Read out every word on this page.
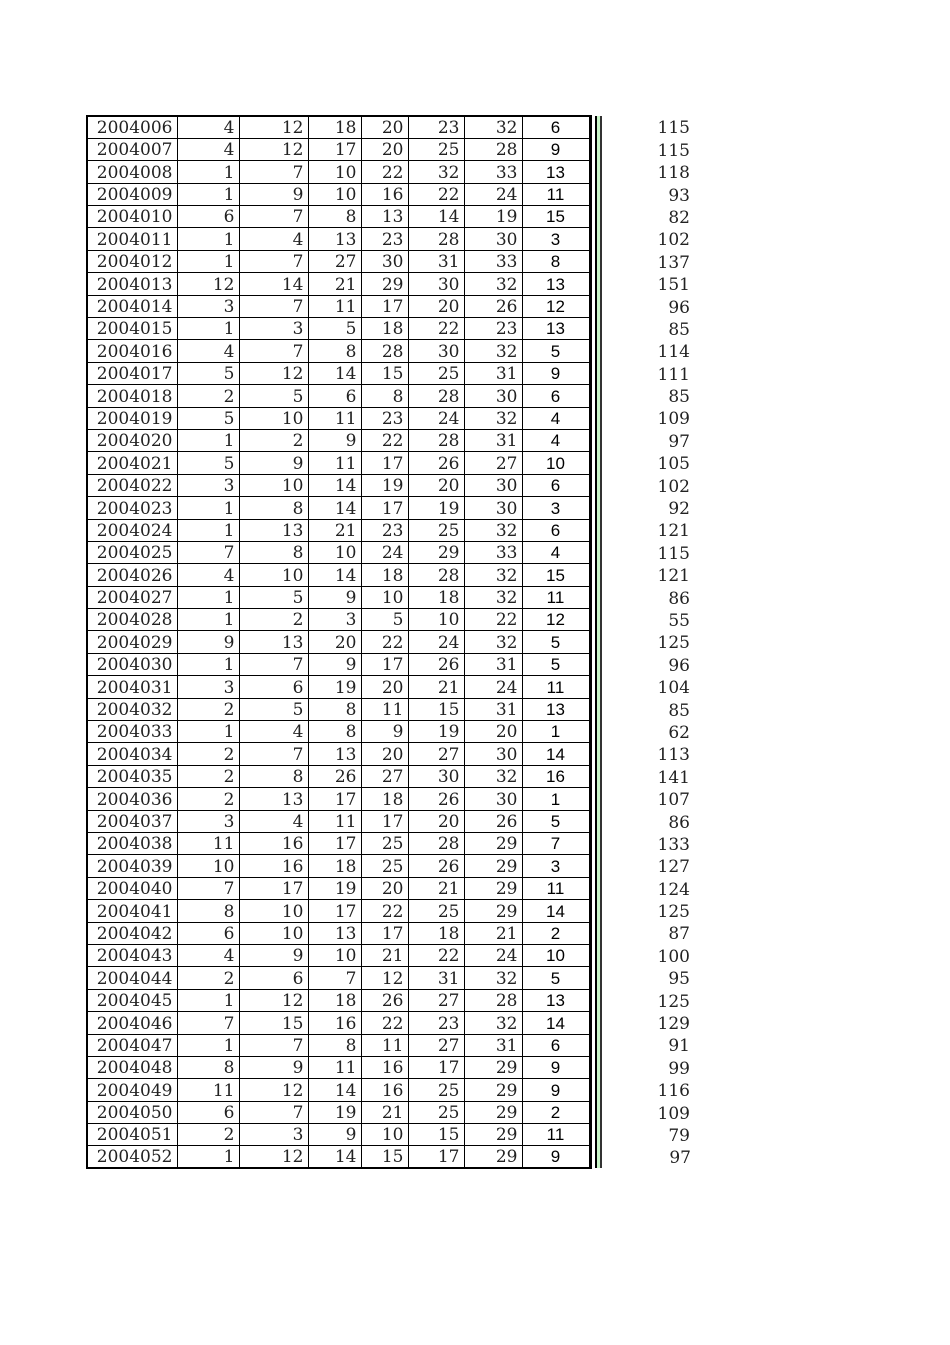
2004006	4	12	18	20	23	32	6			115
2004007	4	12	17	20	25	28	9			115
2004008	1	7	10	22	32	33	13			118
2004009	1	9	10	16	22	24	11			93
2004010	6	7	8	13	14	19	15			82
2004011	1	4	13	23	28	30	3			102
2004012	1	7	27	30	31	33	8			137
2004013	12	14	21	29	30	32	13			151
2004014	3	7	11	17	20	26	12			96
2004015	1	3	5	18	22	23	13			85
2004016	4	7	8	28	30	32	5			114
2004017	5	12	14	15	25	31	9			111
2004018	2	5	6	8	28	30	6			85
2004019	5	10	11	23	24	32	4			109
2004020	1	2	9	22	28	31	4			97
2004021	5	9	11	17	26	27	10			105
2004022	3	10	14	19	20	30	6			102
2004023	1	8	14	17	19	30	3			92
2004024	1	13	21	23	25	32	6			121
2004025	7	8	10	24	29	33	4			115
2004026	4	10	14	18	28	32	15			121
2004027	1	5	9	10	18	32	11			86
2004028	1	2	3	5	10	22	12			55
2004029	9	13	20	22	24	32	5			125
2004030	1	7	9	17	26	31	5			96
2004031	3	6	19	20	21	24	11			104
2004032	2	5	8	11	15	31	13			85
2004033	1	4	8	9	19	20	1			62
2004034	2	7	13	20	27	30	14			113
2004035	2	8	26	27	30	32	16			141
2004036	2	13	17	18	26	30	1			107
2004037	3	4	11	17	20	26	5			86
2004038	11	16	17	25	28	29	7			133
2004039	10	16	18	25	26	29	3			127
2004040	7	17	19	20	21	29	11			124
2004041	8	10	17	22	25	29	14			125
2004042	6	10	13	17	18	21	2			87
2004043	4	9	10	21	22	24	10			100
2004044	2	6	7	12	31	32	5			95
2004045	1	12	18	26	27	28	13			125
2004046	7	15	16	22	23	32	14			129
2004047	1	7	8	11	27	31	6			91
2004048	8	9	11	16	17	29	9			99
2004049	11	12	14	16	25	29	9			116
2004050	6	7	19	21	25	29	2			109
2004051	2	3	9	10	15	29	11			79
2004052	1	12	14	15	17	29	9			97
